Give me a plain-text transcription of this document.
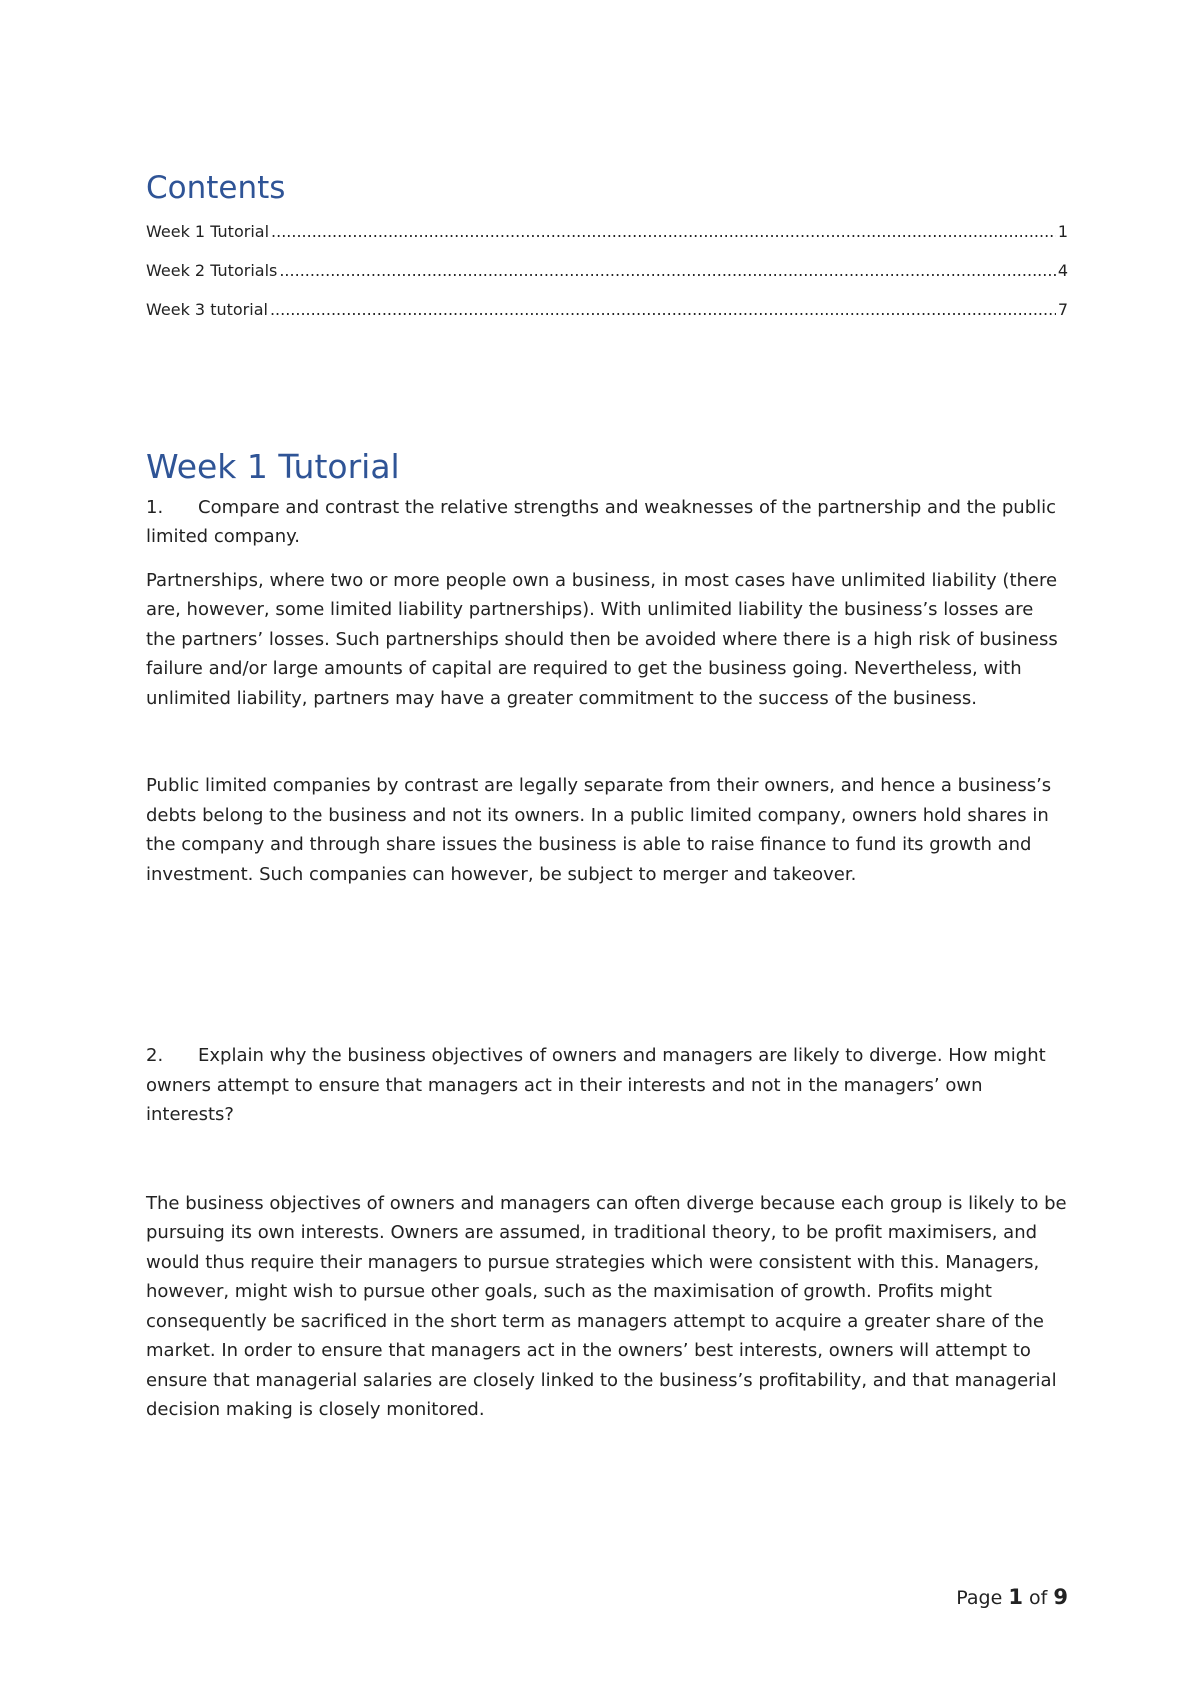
Contents
Week 1 Tutorial .....	1
Week 2 Tutorials .....	4
Week 3 tutorial .....	7
Week 1 Tutorial

1. Compare and contrast the relative strengths and weaknesses of the partnership and the public limited company.

Partnerships, where two or more people own a business, in most cases have unlimited liability (there are, however, some limited liability partnerships). With unlimited liability the business’s losses are the partners’ losses. Such partnerships should then be avoided where there is a high risk of business failure and/or large amounts of capital are required to get the business going. Nevertheless, with unlimited liability, partners may have a greater commitment to the success of the business.

Public limited companies by contrast are legally separate from their owners, and hence a business’s debts belong to the business and not its owners. In a public limited company, owners hold shares in the company and through share issues the business is able to raise finance to fund its growth and investment. Such companies can however, be subject to merger and takeover.

2. Explain why the business objectives of owners and managers are likely to diverge. How might owners attempt to ensure that managers act in their interests and not in the managers’ own interests?

The business objectives of owners and managers can often diverge because each group is likely to be pursuing its own interests. Owners are assumed, in traditional theory, to be profit maximisers, and would thus require their managers to pursue strategies which were consistent with this. Managers, however, might wish to pursue other goals, such as the maximisation of growth. Profits might consequently be sacrificed in the short term as managers attempt to acquire a greater share of the market. In order to ensure that managers act in the owners’ best interests, owners will attempt to ensure that managerial salaries are closely linked to the business’s profitability, and that managerial decision making is closely monitored.

Page 1 of 9
